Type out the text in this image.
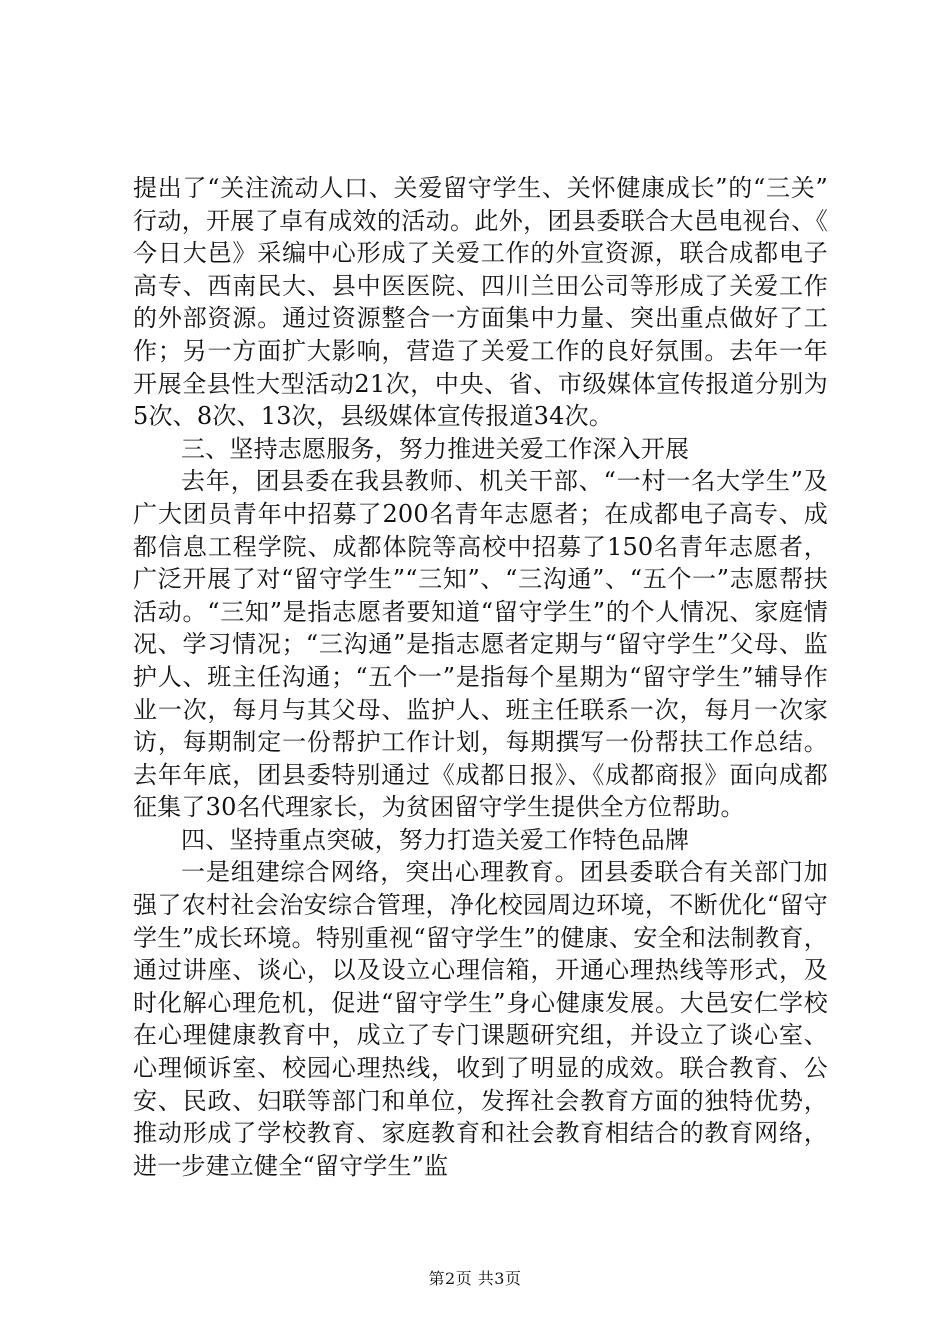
提出了“关注流动人口、关爱留守学生、关怀健康成长”的“三关”行动，开展了卓有成效的活动。此外，团县委联合大邑电视台、《今日大邑》采编中心形成了关爱工作的外宣资源，联合成都电子高专、西南民大、县中医医院、四川兰田公司等形成了关爱工作的外部资源。通过资源整合一方面集中力量、突出重点做好了工作；另一方面扩大影响，营造了关爱工作的良好氛围。去年一年开展全县性大型活动21次，中央、省、市级媒体宣传报道分别为5次、8次、13次，县级媒体宣传报道34次。

三、坚持志愿服务，努力推进关爱工作深入开展

去年，团县委在我县教师、机关干部、“一村一名大学生”及广大团员青年中招募了200名青年志愿者；在成都电子高专、成都信息工程学院、成都体院等高校中招募了150名青年志愿者，广泛开展了对“留守学生”“三知”、“三沟通”、“五个一”志愿帮扶活动。“三知”是指志愿者要知道“留守学生”的个人情况、家庭情况、学习情况；“三沟通”是指志愿者定期与“留守学生”父母、监护人、班主任沟通；“五个一”是指每个星期为“留守学生”辅导作业一次，每月与其父母、监护人、班主任联系一次，每月一次家访，每期制定一份帮护工作计划，每期撰写一份帮扶工作总结。去年年底，团县委特别通过《成都日报》、《成都商报》面向成都征集了30名代理家长，为贫困留守学生提供全方位帮助。

四、坚持重点突破，努力打造关爱工作特色品牌

一是组建综合网络，突出心理教育。团县委联合有关部门加强了农村社会治安综合管理，净化校园周边环境，不断优化“留守学生”成长环境。特别重视“留守学生”的健康、安全和法制教育，通过讲座、谈心，以及设立心理信箱，开通心理热线等形式，及时化解心理危机，促进“留守学生”身心健康发展。大邑安仁学校在心理健康教育中，成立了专门课题研究组，并设立了谈心室、心理倾诉室、校园心理热线，收到了明显的成效。联合教育、公安、民政、妇联等部门和单位，发挥社会教育方面的独特优势，推动形成了学校教育、家庭教育和社会教育相结合的教育网络，进一步建立健全“留守学生”监

第2页 共3页
